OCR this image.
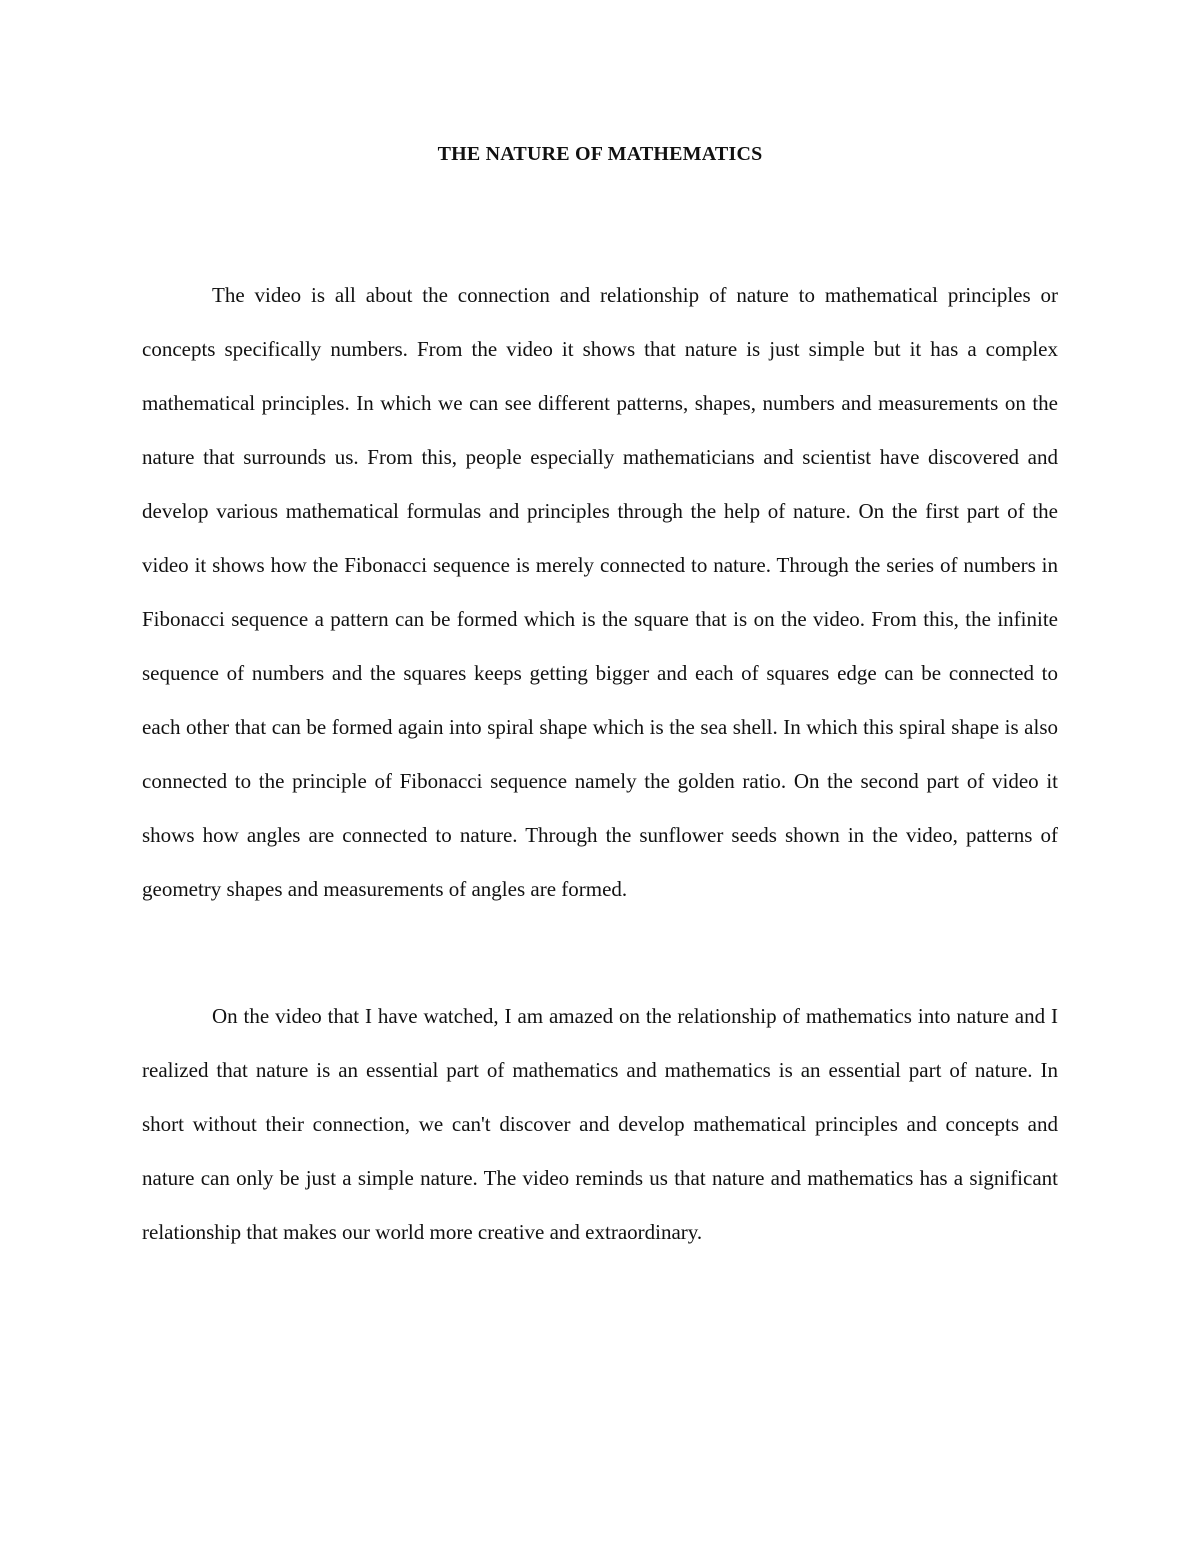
THE NATURE OF MATHEMATICS

The video is all about the connection and relationship of nature to mathematical principles or concepts specifically numbers. From the video it shows that nature is just simple but it has a complex mathematical principles. In which we can see different patterns, shapes, numbers and measurements on the nature that surrounds us. From this, people especially mathematicians and scientist have discovered and develop various mathematical formulas and principles through the help of nature. On the first part of the video it shows how the Fibonacci sequence is merely connected to nature. Through the series of numbers in Fibonacci sequence a pattern can be formed which is the square that is on the video. From this, the infinite sequence of numbers and the squares keeps getting bigger and each of squares edge can be connected to each other that can be formed again into spiral shape which is the sea shell. In which this spiral shape is also connected to the principle of Fibonacci sequence namely the golden ratio. On the second part of video it shows how angles are connected to nature. Through the sunflower seeds shown in the video, patterns of geometry shapes and measurements of angles are formed.

On the video that I have watched, I am amazed on the relationship of mathematics into nature and I realized that nature is an essential part of mathematics and mathematics is an essential part of nature. In short without their connection, we can't discover and develop mathematical principles and concepts and nature can only be just a simple nature. The video reminds us that nature and mathematics has a significant relationship that makes our world more creative and extraordinary.
